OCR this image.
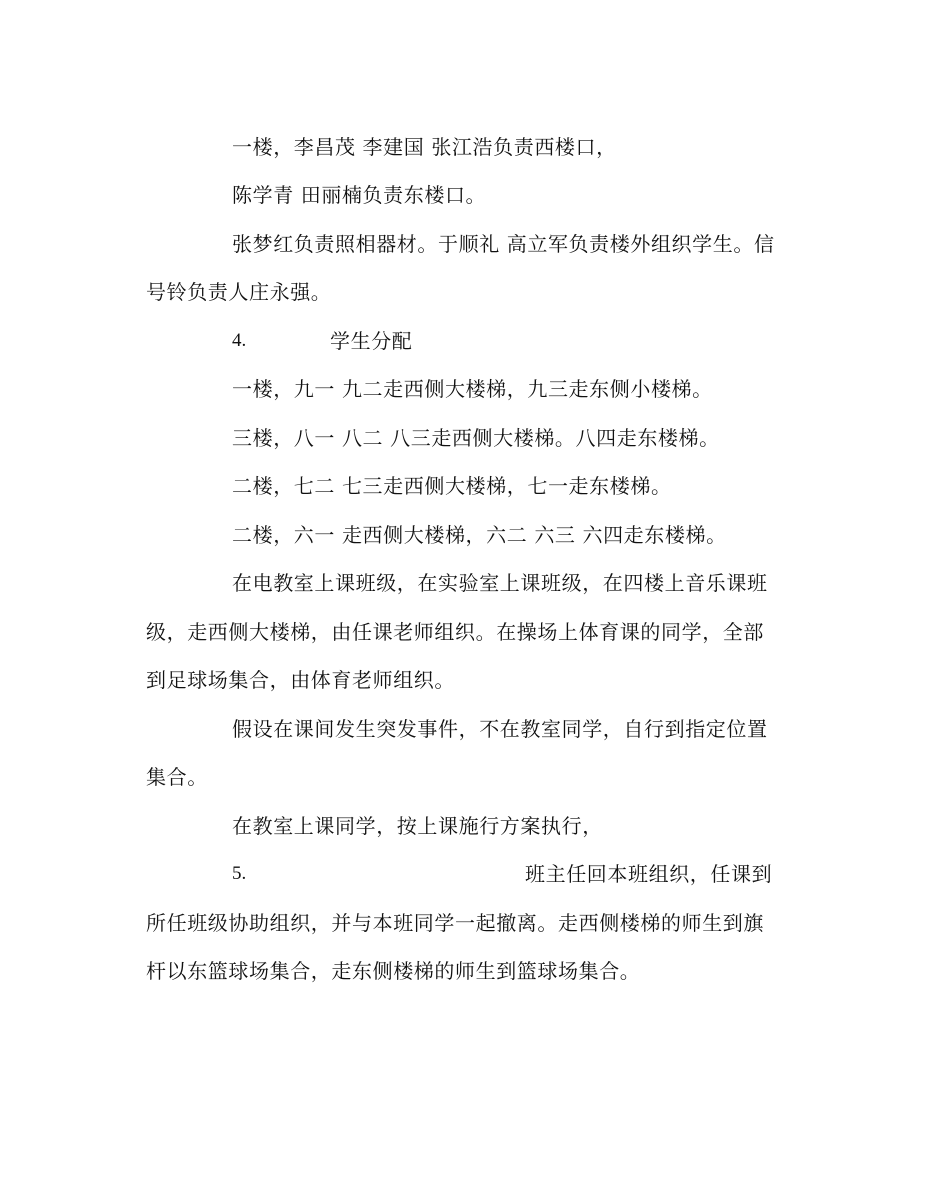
一楼，李昌茂 李建国 张江浩负责西楼口，
陈学青 田丽楠负责东楼口。
张梦红负责照相器材。于顺礼 高立军负责楼外组织学生。信
号铃负责人庄永强。
4.	学生分配
一楼，九一 九二走西侧大楼梯，九三走东侧小楼梯。
三楼，八一 八二 八三走西侧大楼梯。八四走东楼梯。
二楼，七二 七三走西侧大楼梯，七一走东楼梯。
二楼，六一 走西侧大楼梯，六二 六三 六四走东楼梯。
在电教室上课班级，在实验室上课班级，在四楼上音乐课班
级，走西侧大楼梯，由任课老师组织。在操场上体育课的同学，全部
到足球场集合，由体育老师组织。
假设在课间发生突发事件，不在教室同学，自行到指定位置
集合。
在教室上课同学，按上课施行方案执行，
5.	班主任回本班组织，任课到
所任班级协助组织，并与本班同学一起撤离。走西侧楼梯的师生到旗
杆以东篮球场集合，走东侧楼梯的师生到篮球场集合。
